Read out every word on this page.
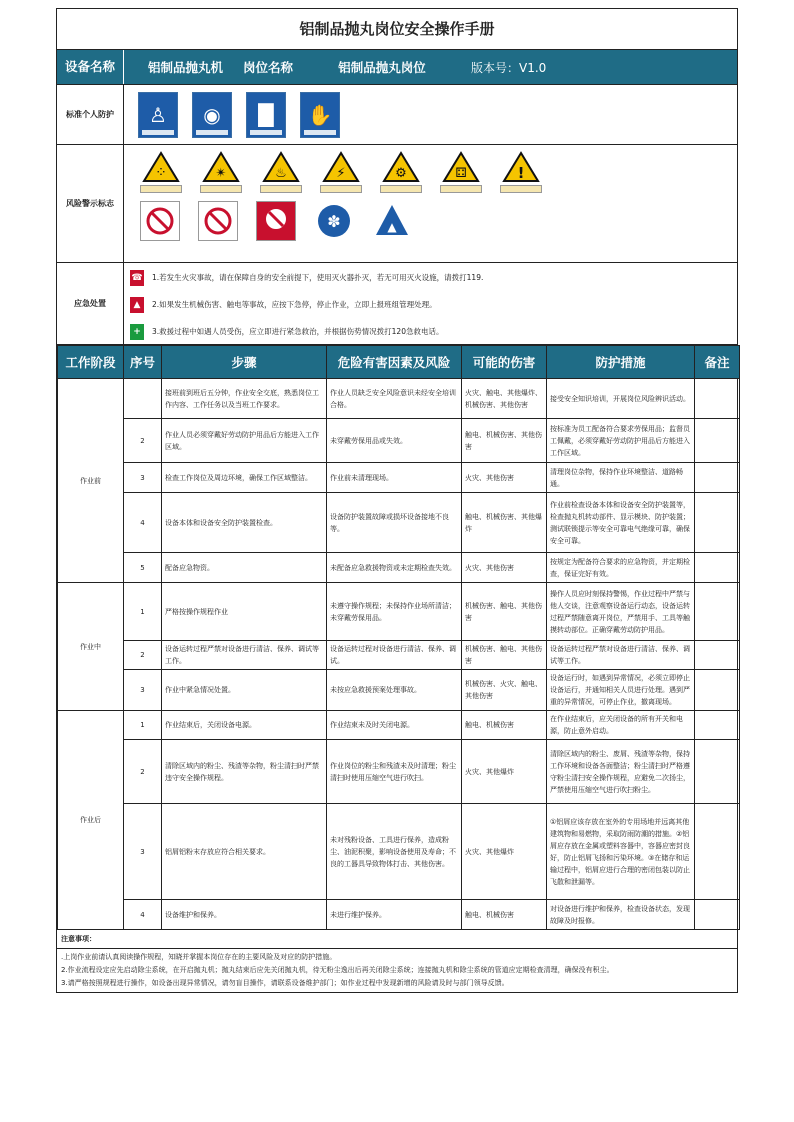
铝制品抛丸岗位安全操作手册
设备名称	铝制品抛丸机	岗位名称	铝制品抛丸岗位	版本号：V1.0
标准个人防护	♙	◉	█	✋
风险警示标志
⁘	✴	♨	⚡	⚙	⚃	!
✽	▲
应急处置
☎ 1.若发生火灾事故，请在保障自身的安全前提下，使用灭火器扑灭，若无可用灭火设施，请拨打119.
▲	2.如果发生机械伤害、触电等事故，应按下急停，停止作业，立即上报班组管理处理。
+	3.救援过程中如遇人员受伤，应立即进行紧急救治，并根据伤势情况拨打120急救电话。
工作阶段	序号	步骤	危险有害因素及风险	可能的伤害	防护措施	备注
作业前		接班前到班后五分钟，作业安全交底，熟悉岗位工作内容、工作任务以及当班工作要求。	作业人员缺乏安全风险意识未经安全培训合格。	火灾、触电、其他爆炸、机械伤害、其他伤害	接受安全知识培训，开展岗位风险辨识活动。	
	2	作业人员必须穿戴好劳动防护用品后方能进入工作区域。	未穿戴劳保用品或失效。	触电、机械伤害、其他伤害	按标准为员工配备符合要求劳保用品；监督员工佩戴，必须穿戴好劳动防护用品后方能进入工作区域。	
	3	检查工作岗位及周边环境，确保工作区域整洁。	作业前未清理现场。	火灾、其他伤害	清理岗位杂物，保持作业环境整洁、道路畅通。	
	4	设备本体和设备安全防护装置检查。	设备防护装置故障或损坏设备接地不良等。	触电、机械伤害、其他爆炸	作业前检查设备本体和设备安全防护装置等，检查抛丸机转动部件、显示模块、防护装置；测试联锁提示等安全可靠电气绝缘可靠，确保安全可靠。	
	5	配备应急物资。	未配备应急救援物资或未定期检查失效。	火灾、其他伤害	按规定为配备符合要求的应急物资，并定期检查，保证完好有效。	
作业中	1	严格按操作规程作业	未遵守操作规程；未保持作业场所清洁；未穿戴劳保用品。	机械伤害、触电、其他伤害	操作人员应时刻保持警惕，作业过程中严禁与他人交谈，注意观察设备运行动态，设备运转过程严禁随意离开岗位，严禁用手、工具等触摸转动部位。正确穿戴劳动防护用品。	
	2	设备运转过程严禁对设备进行清洁、保养、调试等工作。	设备运转过程对设备进行清洁、保养、调试。	机械伤害、触电、其他伤害	设备运转过程严禁对设备进行清洁、保养、调试等工作。	
	3	作业中紧急情况处置。	未按应急救援预案处理事故。	机械伤害、火灾、触电、其他伤害	设备运行时，如遇到异常情况，必须立即停止设备运行，并通知相关人员进行处理。遇到严重的异常情况，可停止作业，撤离现场。	
作业后	1	作业结束后，关闭设备电源。	作业结束未及时关闭电源。	触电、机械伤害	在作业结束后，应关闭设备的所有开关和电源，防止意外启动。	
	2	清除区域内的粉尘、残渣等杂物，粉尘清扫时严禁违守安全操作规程。	作业岗位的粉尘和残渣未及时清理；粉尘清扫时使用压缩空气进行吹扫。	火灾、其他爆炸	清除区域内的粉尘、废屑、残渣等杂物，保持工作环境和设备各面整洁；粉尘清扫时严格遵守粉尘清扫安全操作规程，应避免二次扬尘，严禁使用压缩空气进行吹扫粉尘。	
	3	铝屑铝粉末存放应符合相关要求。	未对残粉设备、工具进行保养，造成粉尘、油泥积聚，影响设备使用及寿命；不良的工器具导致物体打击、其他伤害。	火灾、其他爆炸	①铝屑应该存放在室外的专用场地并远离其他建筑物和易燃物，采取防雨防潮的措施。②铝屑应存放在金属或塑料容器中，容器应密封良好，防止铝屑飞扬和污染环境。③在储存和运输过程中，铝屑应进行合理的密闭包装以防止飞散和泄漏等。	
	4	设备维护和保养。	未进行维护保养。	触电、机械伤害	对设备进行维护和保养，检查设备状态，发现故障及时报修。	
注意事项：
.上岗作业前请认真阅读操作规程，知晓并掌握本岗位存在的主要风险及对应的防护措施。
2.作业流程设定应先启动除尘系统，在开启抛丸机；抛丸结束后应先关闭抛丸机，待无粉尘逸出后再关闭除尘系统；连接抛丸机和除尘系统的管道应定期检查清理，确保没有积尘。
3.请严格按照规程进行操作，如设备出现异常情况，请勿盲目操作，请联系设备维护部门；如作业过程中发现新增的风险请及时与部门领导反馈。
